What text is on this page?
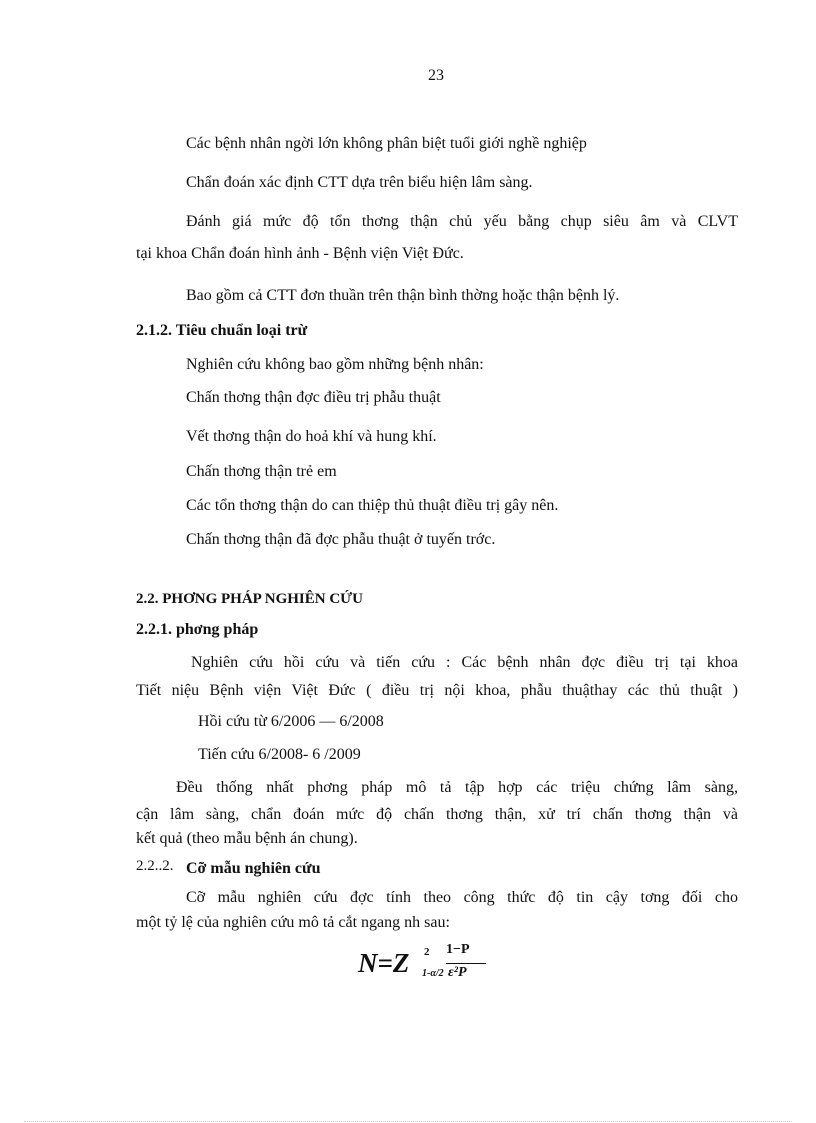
23
Các bệnh nhân ngời lớn không phân biệt tuổi giới nghề nghiệp
Chẩn đoán xác định CTT dựa trên biểu hiện lâm sàng.
Đánh giá mức độ tổn thơng thận chủ yếu bằng chụp siêu âm và CLVT
tại khoa Chẩn đoán hình ảnh - Bệnh viện Việt Đức.
Bao gồm cả CTT đơn thuần trên thận bình thờng hoặc thận bệnh lý.
2.1.2. Tiêu chuẩn loại trừ
Nghiên cứu không bao gồm những bệnh nhân:
Chấn thơng thận đợc điều trị phẫu thuật
Vết thơng thận do hoả khí và hung khí.
Chấn thơng thận trẻ em
Các tổn thơng thận do can thiệp thủ thuật điều trị gây nên.
Chấn thơng thận đã đợc phẫu thuật ở tuyến trớc.
2.2. PHƠNG PHÁP NGHIÊN CỨU
2.2.1. phơng pháp
Nghiên cứu hồi cứu và tiến cứu : Các bệnh nhân đợc điều trị tại khoa
Tiết niệu Bệnh viện Việt Đức ( điều trị nội khoa, phẫu thuậthay các thủ thuật )
Hồi cứu từ 6/2006 — 6/2008
Tiến cứu 6/2008- 6 /2009
Đều thống nhất phơng pháp mô tả tập hợp các triệu chứng lâm sàng,
cận lâm sàng, chẩn đoán mức độ chấn thơng thận, xử trí chấn thơng thận và
kết quả (theo mẫu bệnh án chung).
2.2..2. Cỡ mẫu nghiên cứu
Cỡ mẫu nghiên cứu đợc tính theo công thức độ tin cậy tơng đối cho
một tỷ lệ của nghiên cứu mô tả cắt ngang nh sau:
N=Z 2
1-α/2
1−P
ε²P
